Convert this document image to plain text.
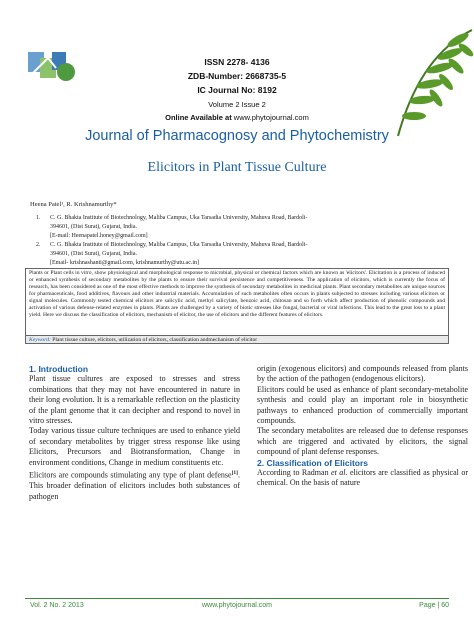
ISSN 2278- 4136
ZDB-Number: 2668735-5
IC Journal No: 8192
Volume 2 Issue 2
Online Available at www.phytojournal.com
Journal of Pharmacognosy and Phytochemistry
Elicitors in Plant Tissue Culture
Heena Patel¹, R. Krishnamurthy*
1. C. G. Bhakta Institute of Biotechnology, Maliba Campus, Uka Tarsadia University, Mahuva Road, Bardoli-
394601, (Dist Surat), Gujarat, India.
[E-mail: Heenapatel.honey@gmail.com]
2. C. G. Bhakta Institute of Biotechnology, Maliba Campus, Uka Tarsadia University, Mahuva Road, Bardoli-
394601, (Dist Surat), Gujarat, India.
[Email- krishnashanti@gmail.com, krishnamurthy@utu.ac.in]
Plants or Plant cells in vitro, show physiological and morphological response to microbial, physical or chemical factors which are known as 'elicitors'. Elicitation is a process of induced or enhanced synthesis of secondary metabolites by the plants to ensure their survival persistence and competitiveness. The application of elicitors, which is currently the focus of research, has been considered as one of the most effective methods to improve the synthesis of secondary metabolites in medicinal plants. Plant secondary metabolites are unique sources for pharmaceuticals, food additives, flavours and other industrial materials. Accumulation of such metabolites often occurs in plants subjected to stresses including various elicitors or signal molecules. Commonly tested chemical elicitors are salicylic acid, methyl salicylate, benzoic acid, chitosan and so forth which affect production of phenolic compounds and activation of various defense-related enzymes in plants. Plants are challenged by a variety of biotic stresses like fungal, bacterial or viral infections. This lead to the great loss to a plant yield. Here we discuss the classification of elicitors, mechanism of elicitor, the use of elicitors and the different features of elicitors.
Keyword: Plant tissue culture, elicitors, utilization of elicitors, classification andmechanism of elicitor

1. Introduction

Plant tissue cultures are exposed to stresses and stress combinations that they may not have encountered in nature in their long evolution. It is a remarkable reflection on the plasticity of the plant genome that it can decipher and respond to novel in vitro stresses.

Today various tissue culture techniques are used to enhance yield of secondary metabolites by trigger stress response like using Elicitors, Precursors and Biotransformation, Change in environment conditions, Change in medium constituents etc.

Elicitors are compounds stimulating any type of plant defense[1]. This broader defination of elicitors includes both substances of pathogen

origin (exogenous elicitors) and compounds released from plants by the action of the pathogen (endogenous elicitors).

Elicitors could be used as enhance of plant secondary-metabolite synthesis and could play an important role in biosynthetic pathways to enhanced production of commercially important compounds.

The secondary metabolites are released due to defense responses which are triggered and activated by elicitors, the signal compound of plant defense responses.

2. Classification of Elicitors

According to Radman et al. elicitors are classified as physical or chemical. On the basis of nature

Vol. 2 No. 2 2013	www.phytojournal.com	Page | 60
